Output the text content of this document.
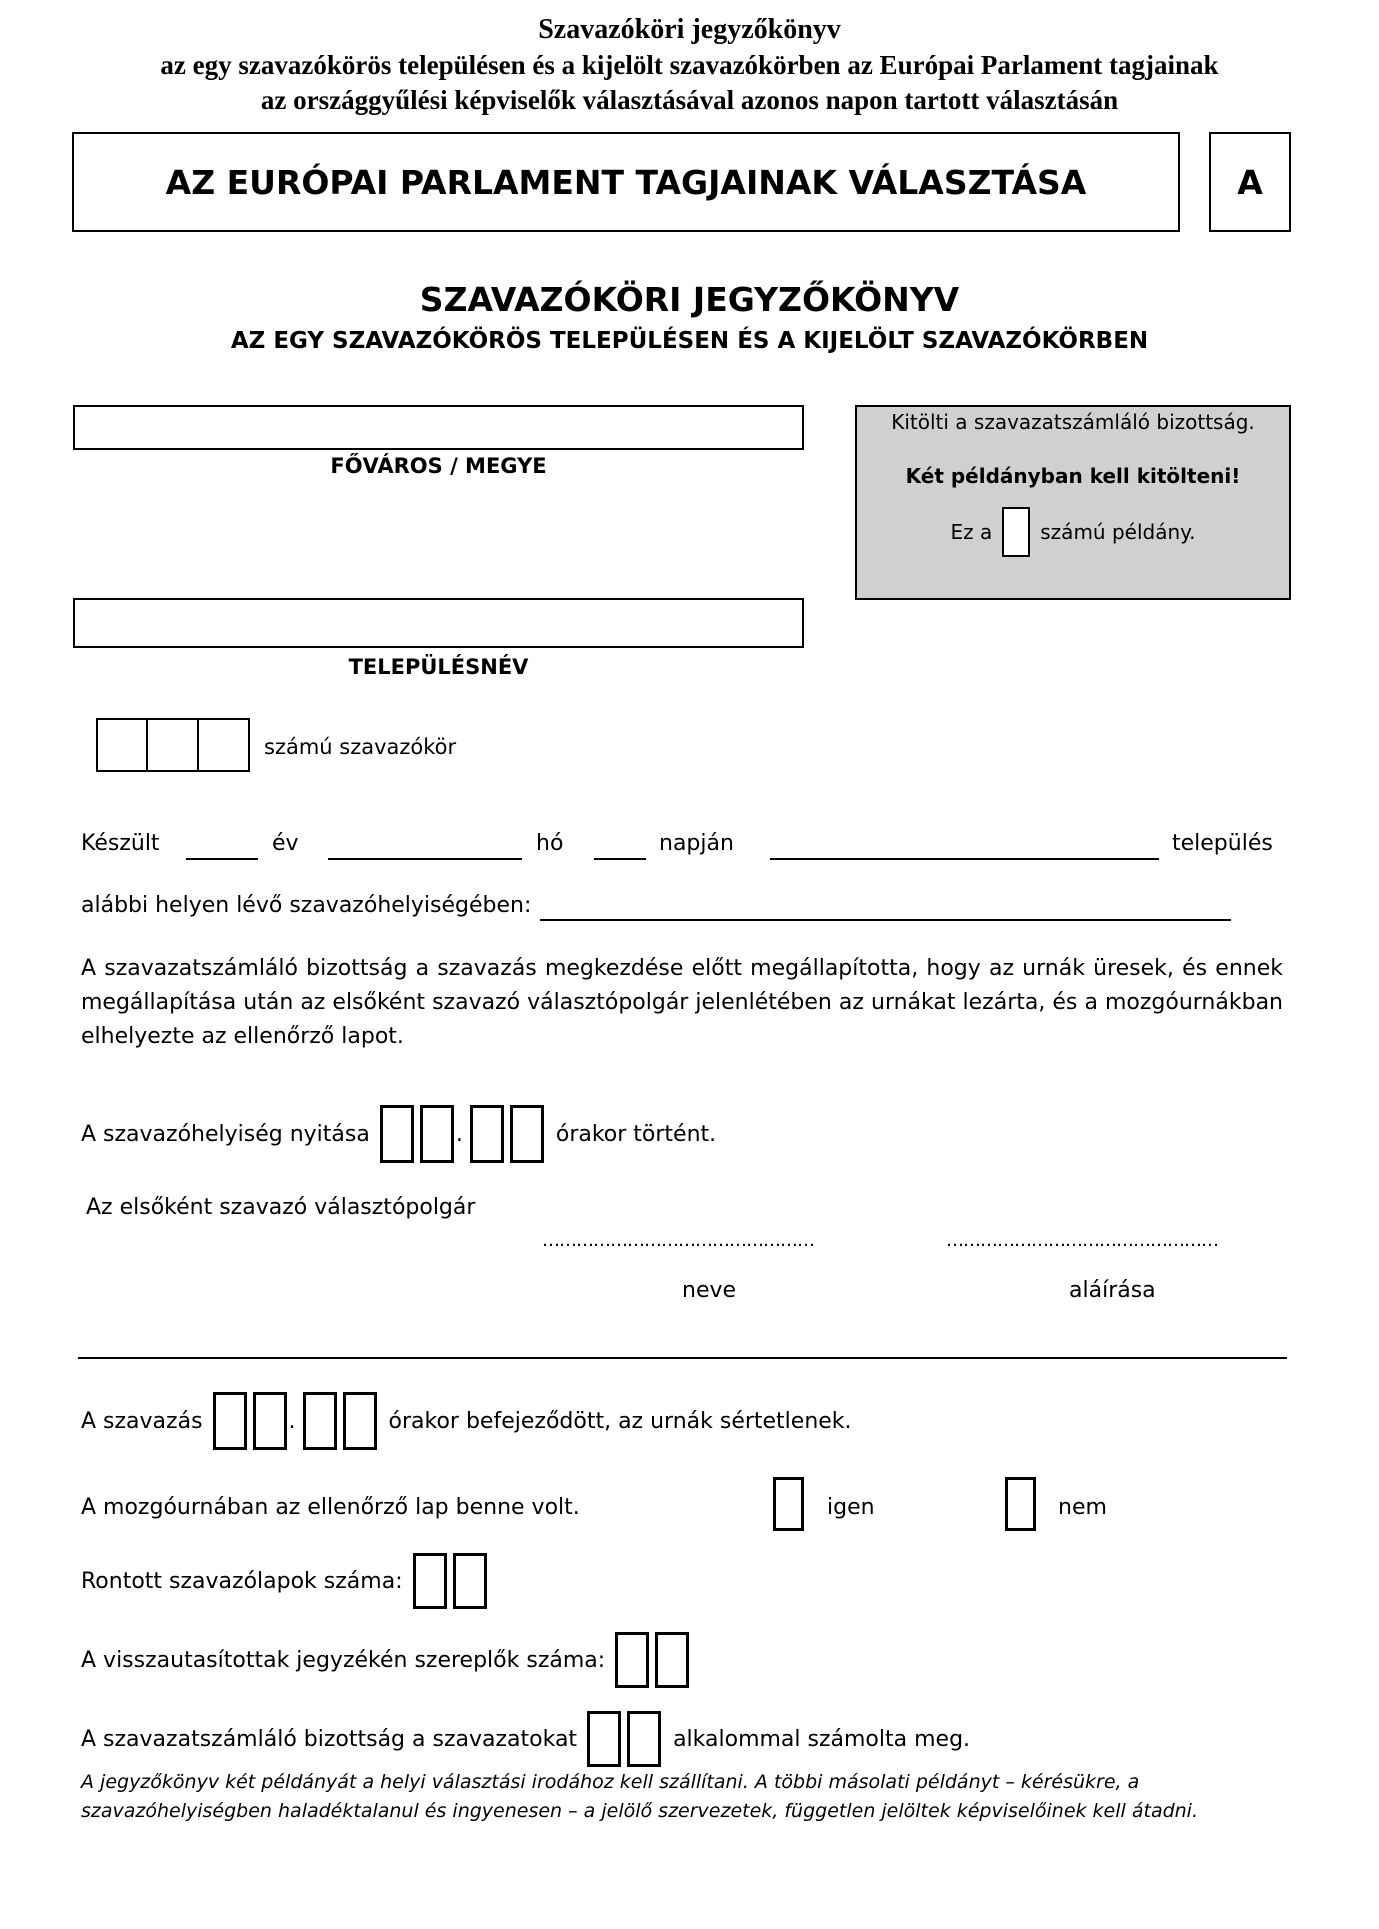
Szavazóköri jegyzőkönyv
az egy szavazókörös településen és a kijelölt szavazókörben az Európai Parlament tagjainak
az országgyűlési képviselők választásával azonos napon tartott választásán
AZ EURÓPAI PARLAMENT TAGJAINAK VÁLASZTÁSA	A
SZAVAZÓKÖRI JEGYZŐKÖNYV
AZ EGY SZAVAZÓKÖRÖS TELEPÜLÉSEN ÉS A KIJELÖLT SZAVAZÓKÖRBEN
FŐVÁROS / MEGYE
TELEPÜLÉSNÉV
Kitölti a szavazatszámláló bizottság.
Két példányban kell kitölteni!
Ez a számú példány.
számú szavazókör
Készült	év	hó	napján	település
alábbi helyen lévő szavazóhelyiségében:
A szavazatszámláló bizottság a szavazás megkezdése előtt megállapította, hogy az urnák üresek, és ennek megállapítása után az elsőként szavazó választópolgár jelenlétében az urnákat lezárta, és a mozgóurnákban elhelyezte az ellenőrző lapot.
A szavazóhelyiség nyitása	.	órakor történt.
Az elsőként szavazó választópolgár
…………………………………………	…………………………………………
neve	aláírása
A szavazás	.	órakor befejeződött, az urnák sértetlenek.
A mozgóurnában az ellenőrző lap benne volt.	igen	nem
Rontott szavazólapok száma:
A visszautasítottak jegyzékén szereplők száma:
A szavazatszámláló bizottság a szavazatokat	alkalommal számolta meg.
A jegyzőkönyv két példányát a helyi választási irodához kell szállítani. A többi másolati példányt – kérésükre, a
szavazóhelyiségben haladéktalanul és ingyenesen – a jelölő szervezetek, független jelöltek képviselőinek kell átadni.
